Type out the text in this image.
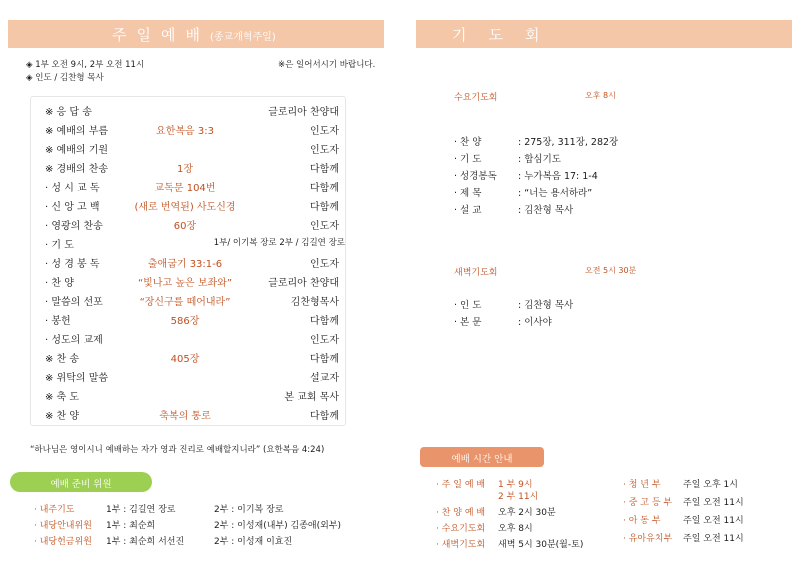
주일예배(종교개혁주일)
◈ 1부 오전 9시, 2부 오전 11시
◈ 인도 / 김찬형 목사
※은 일어서시기 바랍니다.
※ 응 답 송	글로리아 찬양대
※ 예배의 부름	요한복음 3:3	인도자
※ 예배의 기원	인도자
※ 경배의 찬송	1장	다함께
· 성 시 교 독	교독문 104번	다함께
· 신 앙 고 백	(새로 번역된) 사도신경	다함께
· 영광의 찬송	60장	인도자
· 기 도	1부/ 이기복 장로 2부 / 김길연 장로
· 성 경 봉 독	출애굽기 33:1-6	인도자
· 찬 양	“빛나고 높은 보좌와”	글로리아 찬양대
· 말씀의 선포	“장신구를 떼어내라”	김찬형목사
· 봉헌	586장	다함께
· 성도의 교제	인도자
※ 찬 송	405장	다함께
※ 위탁의 말씀	설교자
※ 축 도	본 교회 목사
※ 찬 양	축복의 통로	다함께
“하나님은 영이시니 예배하는 자가 영과 진리로 예배할지니라” (요한복음 4:24)
예배 준비 위원
· 내주기도	1부 : 김길연 장로	2부 : 이기복 장로
· 내당안내위원 1부 : 최순희	2부 : 이성재(내부) 김종애(외부)
· 내당헌금위원 1부 : 최순희 서선진	2부 : 이성재 이효진
기도회
수요기도회	오후 8시
· 찬 양	: 275장, 311장, 282장
· 기 도	: 합심기도
· 성경봉독 : 누가복음 17: 1-4
· 제 목	: “너는 용서하라”
· 설 교	: 김찬형 목사
새벽기도회	오전 5시 30분
· 인 도	: 김찬형 목사
· 본 문	: 이사야
예배 시간 안내
· 주 일 예 배 1 부 9시
2 부 11시
· 찬 양 예 배 오후 2시 30분
· 수요기도회 오후 8시
· 새벽기도회 새벽 5시 30분(월-토)
· 청 년 부 주일 오후 1시
· 중 고 등 부 주일 오전 11시
· 아 동 부 주일 오전 11시
· 유아유치부 주일 오전 11시
